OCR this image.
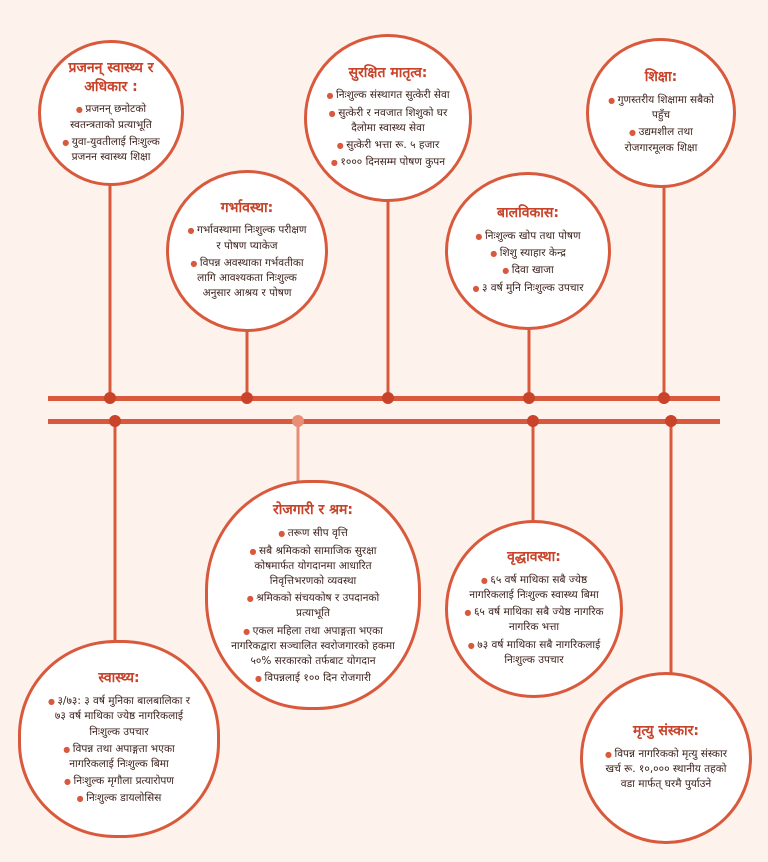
प्रजनन् स्वास्थ्य र अधिकार :
● प्रजनन् छनोटको स्वतन्त्रताको प्रत्याभूति
● युवा-युवतीलाई निःशुल्क प्रजनन स्वास्थ्य शिक्षा
गर्भावस्था:
● गर्भावस्थामा निःशुल्क परीक्षण र पोषण प्याकेज
● विपन्न अवस्थाका गर्भवतीका लागि आवश्यकता निःशुल्क अनुसार आश्रय र पोषण
सुरक्षित मातृत्व:
● निःशुल्क संस्थागत सुत्केरी सेवा
● सुत्केरी र नवजात शिशुको घर दैलोमा स्वास्थ्य सेवा
● सुत्केरी भत्ता रू. ५ हजार
● १००० दिनसम्म पोषण कुपन
बालविकास:
● निःशुल्क खोप तथा पोषण
● शिशु स्याहार केन्द्र
● दिवा खाजा
● ३ वर्ष मुनि निःशुल्क उपचार
शिक्षा:
● गुणस्तरीय शिक्षामा सबैको पहुँच
● उद्यमशील तथा रोजगारमूलक शिक्षा
स्वास्थ्य:
● ३/७३: ३ वर्ष मुनिका बालबालिका र ७३ वर्ष माथिका ज्येष्ठ नागरिकलाई निःशुल्क उपचार
● विपन्न तथा अपाङ्गता भएका नागरिकलाई निःशुल्क बिमा
● निःशुल्क मृगौला प्रत्यारोपण
● निःशुल्क डायलोसिस
रोजगारी र श्रम:
● तरूण सीप वृत्ति
● सबै श्रमिकको सामाजिक सुरक्षा कोषमार्फत योगदानमा आधारित निवृत्तिभरणको व्यवस्था
● श्रमिकको संचयकोष र उपदानको प्रत्याभूति
● एकल महिला तथा अपाङ्गता भएका नागरिकद्वारा सञ्चालित स्वरोजगारको हकमा ५०% सरकारको तर्फबाट योगदान
● विपन्नलाई १०० दिन रोजगारी
वृद्धावस्था:
● ६५ वर्ष माथिका सबै ज्येष्ठ नागरिकलाई निःशुल्क स्वास्थ्य बिमा
● ६५ वर्ष माथिका सबै ज्येष्ठ नागरिक नागरिक भत्ता
● ७३ वर्ष माथिका सबै नागरिकलाई निःशुल्क उपचार
मृत्यु संस्कार:
● विपन्न नागरिकको मृत्यु संस्कार खर्च रू. १०,००० स्थानीय तहको वडा मार्फत् घरमै पुर्याउने
